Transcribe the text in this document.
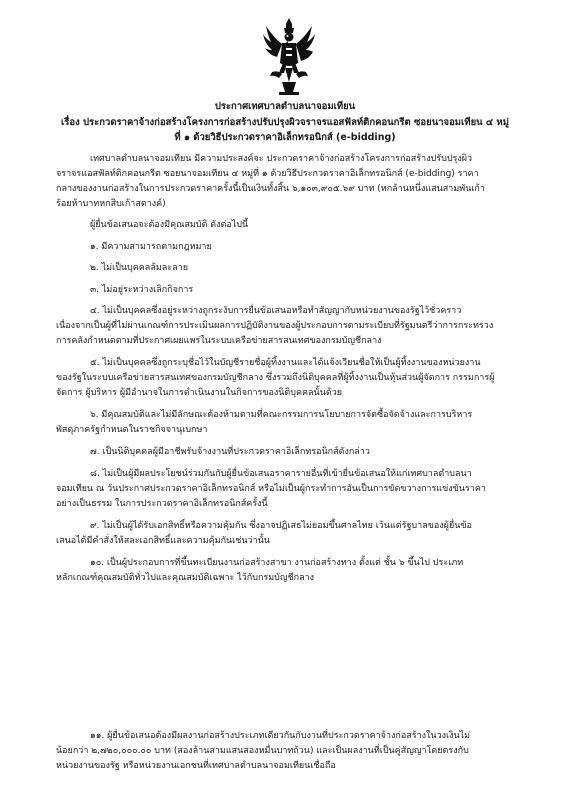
ประกาศเทศบาลตำบลนาจอมเทียน
เรื่อง ประกวดราคาจ้างก่อสร้างโครงการก่อสร้างปรับปรุงผิวจราจรแอสฟัลท์ติกคอนกรีต ซอยนาจอมเทียน ๔ หมู่
ที่ ๑ ด้วยวิธีประกวดราคาอิเล็กทรอนิกส์ (e-bidding)
เทศบาลตำบลนาจอมเทียน มีความประสงค์จะ ประกวดราคาจ้างก่อสร้างโครงการก่อสร้างปรับปรุงผิว
จราจรแอสฟัลท์ติกคอนกรีต ซอยนาจอมเทียน ๔ หมู่ที่ ๑ ด้วยวิธีประกวดราคาอิเล็กทรอนิกส์ (e-bidding) ราคา
กลางของงานก่อสร้างในการประกวดราคาครั้งนี้เป็นเงินทั้งสิ้น ๖,๑๐๓,๙๐๕.๖๙ บาท (หกล้านหนึ่งแสนสามพันเก้า
ร้อยห้าบาทหกสิบเก้าสตางค์)
ผู้ยื่นข้อเสนอจะต้องมีคุณสมบัติ ดังต่อไปนี้
๑. มีความสามารถตามกฎหมาย
๒. ไม่เป็นบุคคลล้มละลาย
๓. ไม่อยู่ระหว่างเลิกกิจการ
๔. ไม่เป็นบุคคลซึ่งอยู่ระหว่างถูกระงับการยื่นข้อเสนอหรือทำสัญญากับหน่วยงานของรัฐไว้ชั่วคราว
เนื่องจากเป็นผู้ที่ไม่ผ่านเกณฑ์การประเมินผลการปฏิบัติงานของผู้ประกอบการตามระเบียบที่รัฐมนตรีว่าการกระทรวง
การคลังกำหนดตามที่ประกาศเผยแพร่ในระบบเครือข่ายสารสนเทศของกรมบัญชีกลาง
๕. ไม่เป็นบุคคลซึ่งถูกระบุชื่อไว้ในบัญชีรายชื่อผู้ทิ้งงานและได้แจ้งเวียนชื่อให้เป็นผู้ทิ้งงานของหน่วยงาน
ของรัฐในระบบเครือข่ายสารสนเทศของกรมบัญชีกลาง ซึ่งรวมถึงนิติบุคคลที่ผู้ทิ้งงานเป็นหุ้นส่วนผู้จัดการ กรรมการผู้
จัดการ ผู้บริหาร ผู้มีอำนาจในการดำเนินงานในกิจการของนิติบุคคลนั้นด้วย
๖. มีคุณสมบัติและไม่มีลักษณะต้องห้ามตามที่คณะกรรมการนโยบายการจัดซื้อจัดจ้างและการบริหาร
พัสดุภาครัฐกำหนดในราชกิจจานุเบกษา
๗. เป็นนิติบุคคลผู้มีอาชีพรับจ้างงานที่ประกวดราคาอิเล็กทรอนิกส์ดังกล่าว
๘. ไม่เป็นผู้มีผลประโยชน์ร่วมกันกับผู้ยื่นข้อเสนอราคารายอื่นที่เข้ายื่นข้อเสนอให้แก่เทศบาลตำบลนา
จอมเทียน ณ วันประกาศประกวดราคาอิเล็กทรอนิกส์ หรือไม่เป็นผู้กระทำการอันเป็นการขัดขวางการแข่งขันราคา
อย่างเป็นธรรม ในการประกวดราคาอิเล็กทรอนิกส์ครั้งนี้
๙. ไม่เป็นผู้ได้รับเอกสิทธิ์หรือความคุ้มกัน ซึ่งอาจปฏิเสธไม่ยอมขึ้นศาลไทย เว้นแต่รัฐบาลของผู้ยื่นข้อ
เสนอได้มีคำสั่งให้สละเอกสิทธิ์และความคุ้มกันเช่นว่านั้น
๑๐. เป็นผู้ประกอบการที่ขึ้นทะเบียนงานก่อสร้างสาขา งานก่อสร้างทาง ตั้งแต่ ชั้น ๖ ขึ้นไป ประเภท
หลักเกณฑ์คุณสมบัติทั่วไปและคุณสมบัติเฉพาะ ไว้กับกรมบัญชีกลาง
๑๑. ผู้ยื่นข้อเสนอต้องมีผลงานก่อสร้างประเภทเดียวกันกับงานที่ประกวดราคาจ้างก่อสร้างในวงเงินไม่
น้อยกว่า ๒,๗๒๐,๐๐๐.๐๐ บาท (สองล้านสามแสนสองหมื่นบาทถ้วน) และเป็นผลงานที่เป็นคู่สัญญาโดยตรงกับ
หน่วยงานของรัฐ หรือหน่วยงานเอกชนที่เทศบาลตำบลนาจอมเทียนเชื่อถือ
